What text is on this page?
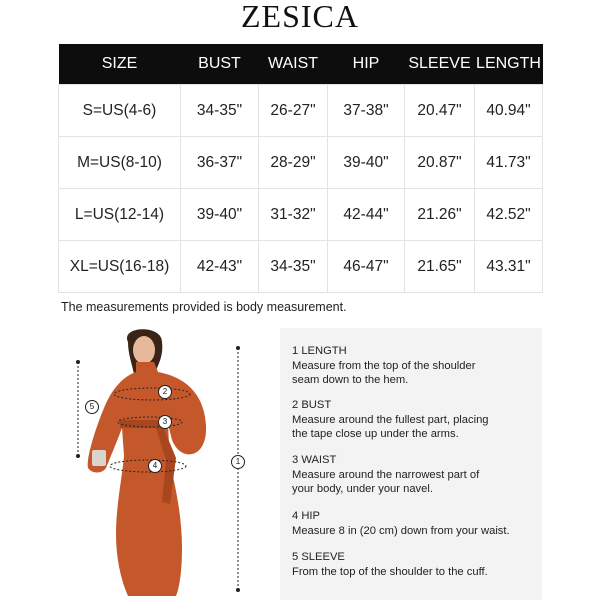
ZESICA
SIZE	BUST	WAIST	HIP	SLEEVE	LENGTH
S=US(4-6)	34-35"	26-27"	37-38"	20.47"	40.94"
M=US(8-10)	36-37"	28-29"	39-40"	20.87"	41.73"
L=US(12-14)	39-40"	31-32"	42-44"	21.26"	42.52"
XL=US(16-18)	42-43"	34-35"	46-47"	21.65"	43.31"
The measurements provided is body measurement.
1
2
3
4
5
1 LENGTH
Measure from the top of the shoulder
seam down to the hem.
2 BUST
Measure around the fullest part, placing
the tape close up under the arms.
3 WAIST
Measure around the narrowest part of
your body, under your navel.
4 HIP
Measure 8 in (20 cm) down from your waist.
5 SLEEVE
From the top of the shoulder to the cuff.
